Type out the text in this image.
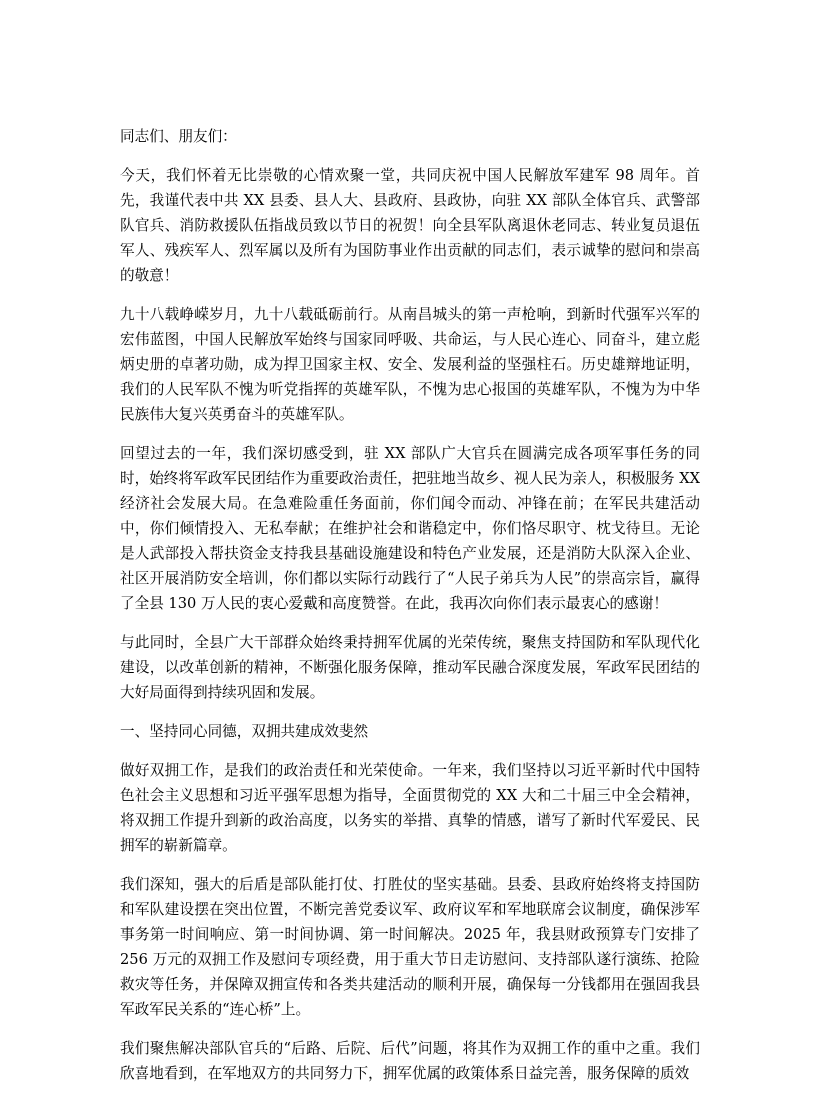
同志们、朋友们：

今天，我们怀着无比崇敬的心情欢聚一堂，共同庆祝中国人民解放军建军 98 周年。首先，我谨代表中共 XX 县委、县人大、县政府、县政协，向驻 XX 部队全体官兵、武警部队官兵、消防救援队伍指战员致以节日的祝贺！向全县军队离退休老同志、转业复员退伍军人、残疾军人、烈军属以及所有为国防事业作出贡献的同志们，表示诚挚的慰问和崇高的敬意！

九十八载峥嵘岁月，九十八载砥砺前行。从南昌城头的第一声枪响，到新时代强军兴军的宏伟蓝图，中国人民解放军始终与国家同呼吸、共命运，与人民心连心、同奋斗，建立彪炳史册的卓著功勋，成为捍卫国家主权、安全、发展利益的坚强柱石。历史雄辩地证明，我们的人民军队不愧为听党指挥的英雄军队，不愧为忠心报国的英雄军队，不愧为为中华民族伟大复兴英勇奋斗的英雄军队。

回望过去的一年，我们深切感受到，驻 XX 部队广大官兵在圆满完成各项军事任务的同时，始终将军政军民团结作为重要政治责任，把驻地当故乡、视人民为亲人，积极服务 XX 经济社会发展大局。在急难险重任务面前，你们闻令而动、冲锋在前；在军民共建活动中，你们倾情投入、无私奉献；在维护社会和谐稳定中，你们恪尽职守、枕戈待旦。无论是人武部投入帮扶资金支持我县基础设施建设和特色产业发展，还是消防大队深入企业、社区开展消防安全培训，你们都以实际行动践行了“人民子弟兵为人民”的崇高宗旨，赢得了全县 130 万人民的衷心爱戴和高度赞誉。在此，我再次向你们表示最衷心的感谢！

与此同时，全县广大干部群众始终秉持拥军优属的光荣传统，聚焦支持国防和军队现代化建设，以改革创新的精神，不断强化服务保障，推动军民融合深度发展，军政军民团结的大好局面得到持续巩固和发展。

一、坚持同心同德，双拥共建成效斐然

做好双拥工作，是我们的政治责任和光荣使命。一年来，我们坚持以习近平新时代中国特色社会主义思想和习近平强军思想为指导，全面贯彻党的 XX 大和二十届三中全会精神，将双拥工作提升到新的政治高度，以务实的举措、真挚的情感，谱写了新时代军爱民、民拥军的崭新篇章。

我们深知，强大的后盾是部队能打仗、打胜仗的坚实基础。县委、县政府始终将支持国防和军队建设摆在突出位置，不断完善党委议军、政府议军和军地联席会议制度，确保涉军事务第一时间响应、第一时间协调、第一时间解决。2025 年，我县财政预算专门安排了 256 万元的双拥工作及慰问专项经费，用于重大节日走访慰问、支持部队遂行演练、抢险救灾等任务，并保障双拥宣传和各类共建活动的顺利开展，确保每一分钱都用在强固我县军政军民关系的“连心桥”上。

我们聚焦解决部队官兵的“后路、后院、后代”问题，将其作为双拥工作的重中之重。我们欣喜地看到，在军地双方的共同努力下，拥军优属的政策体系日益完善，服务保障的质效
